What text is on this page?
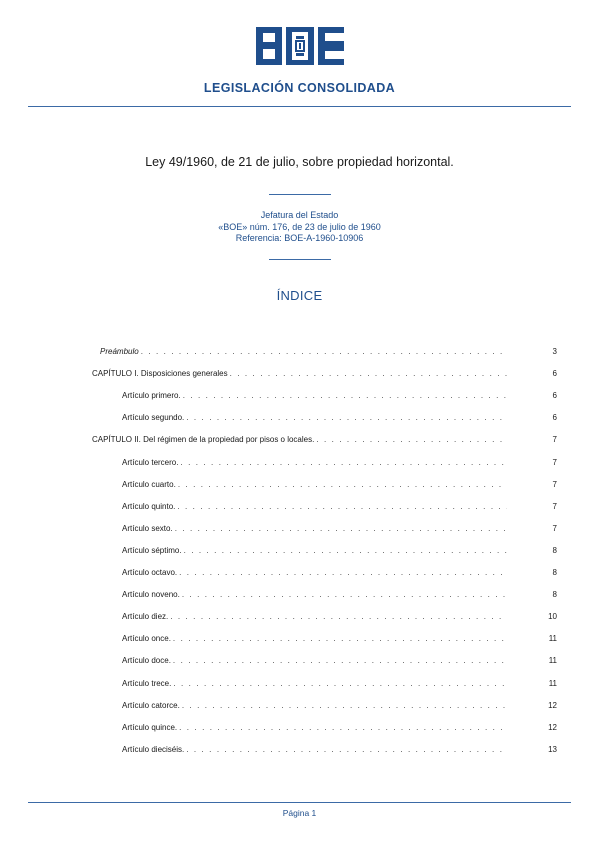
LEGISLACIÓN CONSOLIDADA
Ley 49/1960, de 21 de julio, sobre propiedad horizontal.
Jefatura del Estado
«BOE» núm. 176, de 23 de julio de 1960
Referencia: BOE-A-1960-10906
ÍNDICE
Preámbulo . . .	3
CAPÍTULO I. Disposiciones generales . . .	6
Artículo primero. . . .	6
Artículo segundo. . . .	6
CAPÍTULO II. Del régimen de la propiedad por pisos o locales. . . .	7
Artículo tercero. . . .	7
Artículo cuarto. . . .	7
Artículo quinto. . . .	7
Artículo sexto. . . .	7
Artículo séptimo. . . .	8
Artículo octavo. . . .	8
Artículo noveno. . . .	8
Artículo diez. . . .	10
Artículo once. . . .	11
Artículo doce. . . .	11
Artículo trece. . . .	11
Artículo catorce. . . .	12
Artículo quince. . . .	12
Artículo dieciséis. . . .	13
Página 1
